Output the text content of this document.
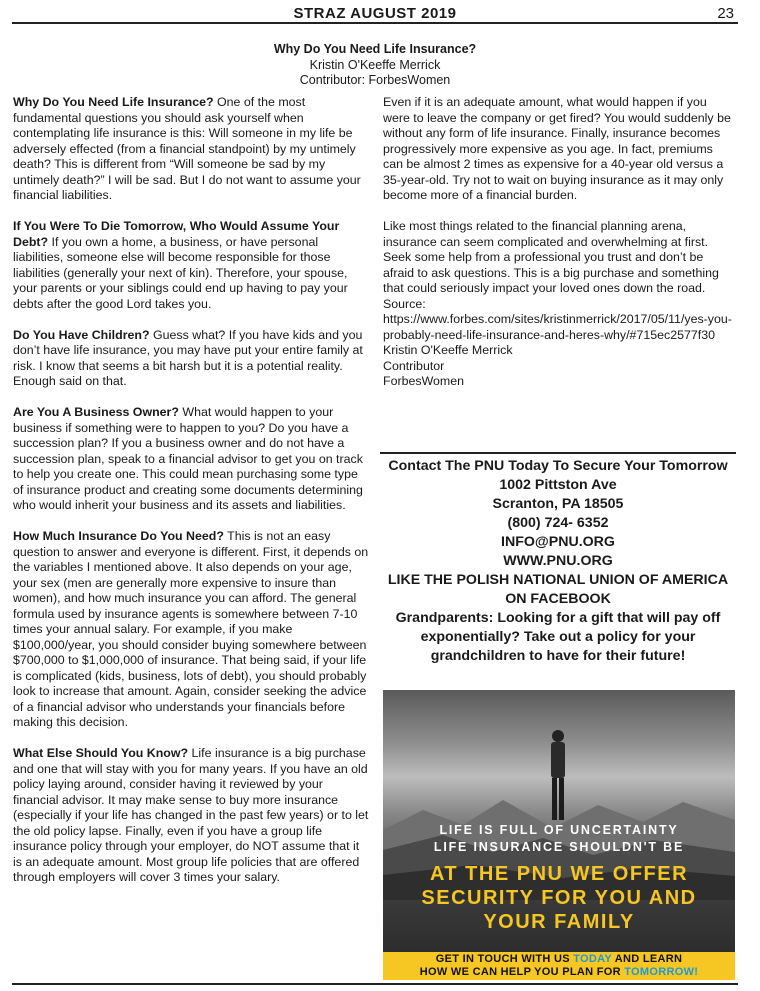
STRAZ AUGUST 2019	23
Why Do You Need Life Insurance?
Kristin O'Keeffe Merrick
Contributor: ForbesWomen

Why Do You Need Life Insurance? One of the most fundamental questions you should ask yourself when contemplating life insurance is this: Will someone in my life be adversely effected (from a financial standpoint) by my untimely death? This is different from “Will someone be sad by my untimely death?” I will be sad. But I do not want to assume your financial liabilities.

If You Were To Die Tomorrow, Who Would Assume Your Debt? If you own a home, a business, or have personal liabilities, someone else will become responsible for those liabilities (generally your next of kin). Therefore, your spouse, your parents or your siblings could end up having to pay your debts after the good Lord takes you.

Do You Have Children? Guess what? If you have kids and you don’t have life insurance, you may have put your entire family at risk. I know that seems a bit harsh but it is a potential reality. Enough said on that.

Are You A Business Owner? What would happen to your business if something were to happen to you? Do you have a succession plan? If you a business owner and do not have a succession plan, speak to a financial advisor to get you on track to help you create one. This could mean purchasing some type of insurance product and creating some documents determining who would inherit your business and its assets and liabilities.

How Much Insurance Do You Need? This is not an easy question to answer and everyone is different. First, it depends on the variables I mentioned above. It also depends on your age, your sex (men are generally more expensive to insure than women), and how much insurance you can afford. The general formula used by insurance agents is somewhere between 7-10 times your annual salary. For example, if you make $100,000/year, you should consider buying somewhere between $700,000 to $1,000,000 of insurance. That being said, if your life is complicated (kids, business, lots of debt), you should probably look to increase that amount. Again, consider seeking the advice of a financial advisor who understands your financials before making this decision.

What Else Should You Know? Life insurance is a big purchase and one that will stay with you for many years. If you have an old policy laying around, consider having it reviewed by your financial advisor. It may make sense to buy more insurance (especially if your life has changed in the past few years) or to let the old policy lapse. Finally, even if you have a group life insurance policy through your employer, do NOT assume that it is an adequate amount. Most group life policies that are offered through employers will cover 3 times your salary.

Even if it is an adequate amount, what would happen if you were to leave the company or get fired? You would suddenly be without any form of life insurance. Finally, insurance becomes progressively more expensive as you age. In fact, premiums can be almost 2 times as expensive for a 40-year old versus a 35-year-old. Try not to wait on buying insurance as it may only become more of a financial burden.

Like most things related to the financial planning arena, insurance can seem complicated and overwhelming at first. Seek some help from a professional you trust and don’t be afraid to ask questions. This is a big purchase and something that could seriously impact your loved ones down the road.

Source:
https://www.forbes.com/sites/kristinmerrick/2017/05/11/yes-you-probably-need-life-insurance-and-heres-why/#715ec2577f30
Kristin O'Keeffe Merrick
Contributor
ForbesWomen
Contact The PNU Today To Secure Your Tomorrow
1002 Pittston Ave
Scranton, PA 18505
(800) 724- 6352
INFO@PNU.ORG
WWW.PNU.ORG
LIKE THE POLISH NATIONAL UNION OF AMERICA ON FACEBOOK
Grandparents: Looking for a gift that will pay off exponentially? Take out a policy for your grandchildren to have for their future!
LIFE IS FULL OF UNCERTAINTY
LIFE INSURANCE SHOULDN'T BE
AT THE PNU WE OFFER
SECURITY FOR YOU AND
YOUR FAMILY
GET IN TOUCH WITH US TODAY AND LEARN
HOW WE CAN HELP YOU PLAN FOR TOMORROW!
